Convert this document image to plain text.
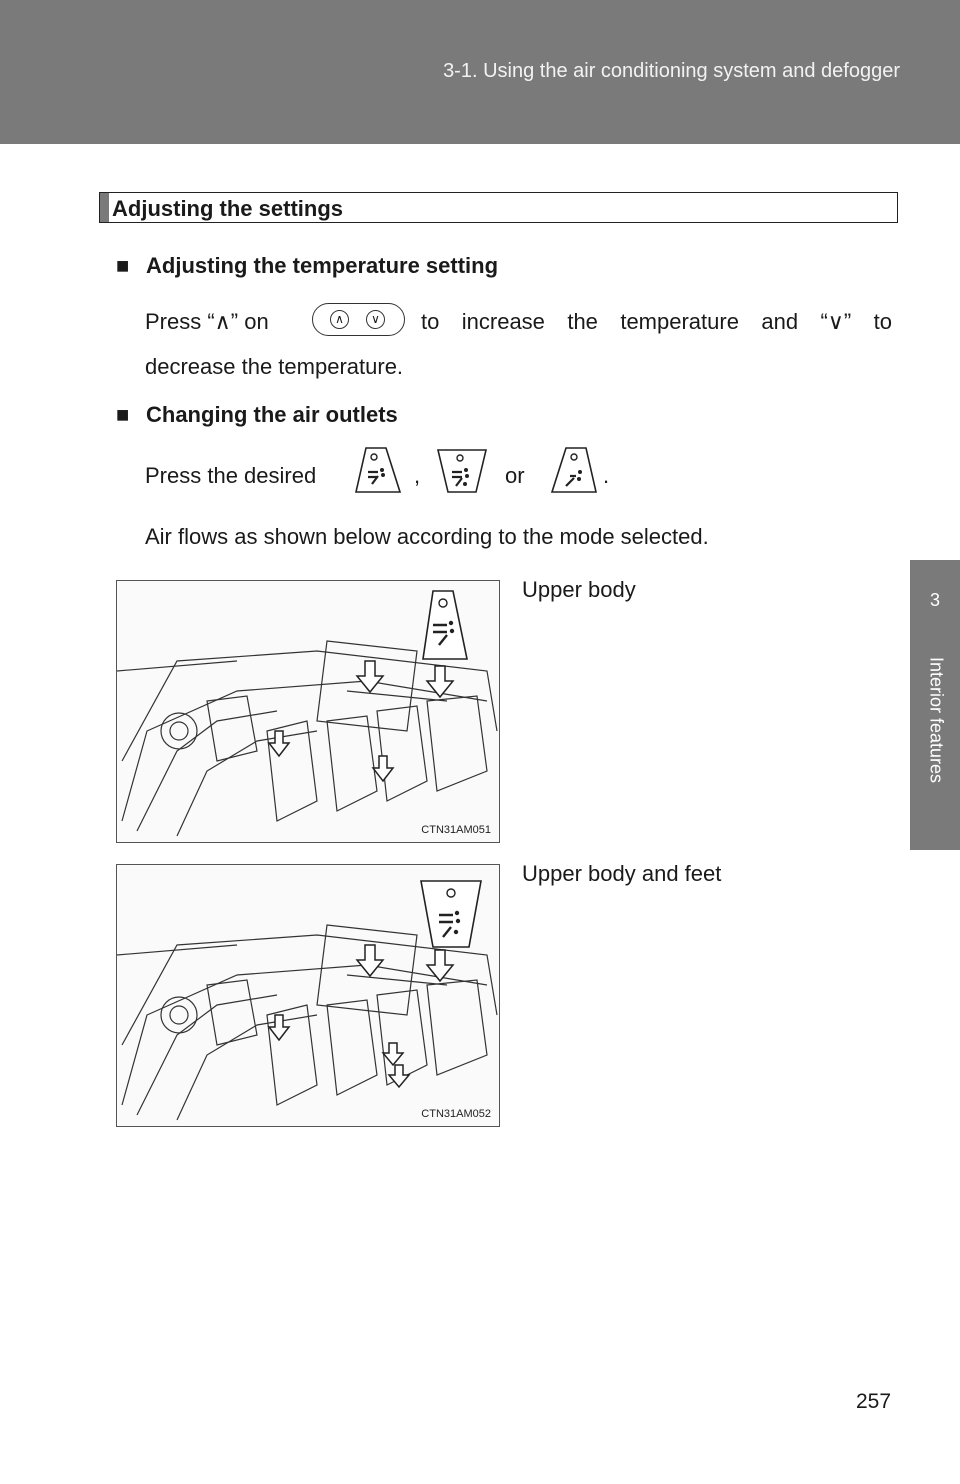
3-1. Using the air conditioning system and defogger
3
Interior features
Adjusting the settings
■ Adjusting the temperature setting
Press “∧” on	∧	∨ to increase the temperature and “∨” to
decrease the temperature.
■ Changing the air outlets
Press the desired	,	or	.
Air flows as shown below according to the mode selected.
CTN31AM051
Upper body
CTN31AM052
Upper body and feet
257
